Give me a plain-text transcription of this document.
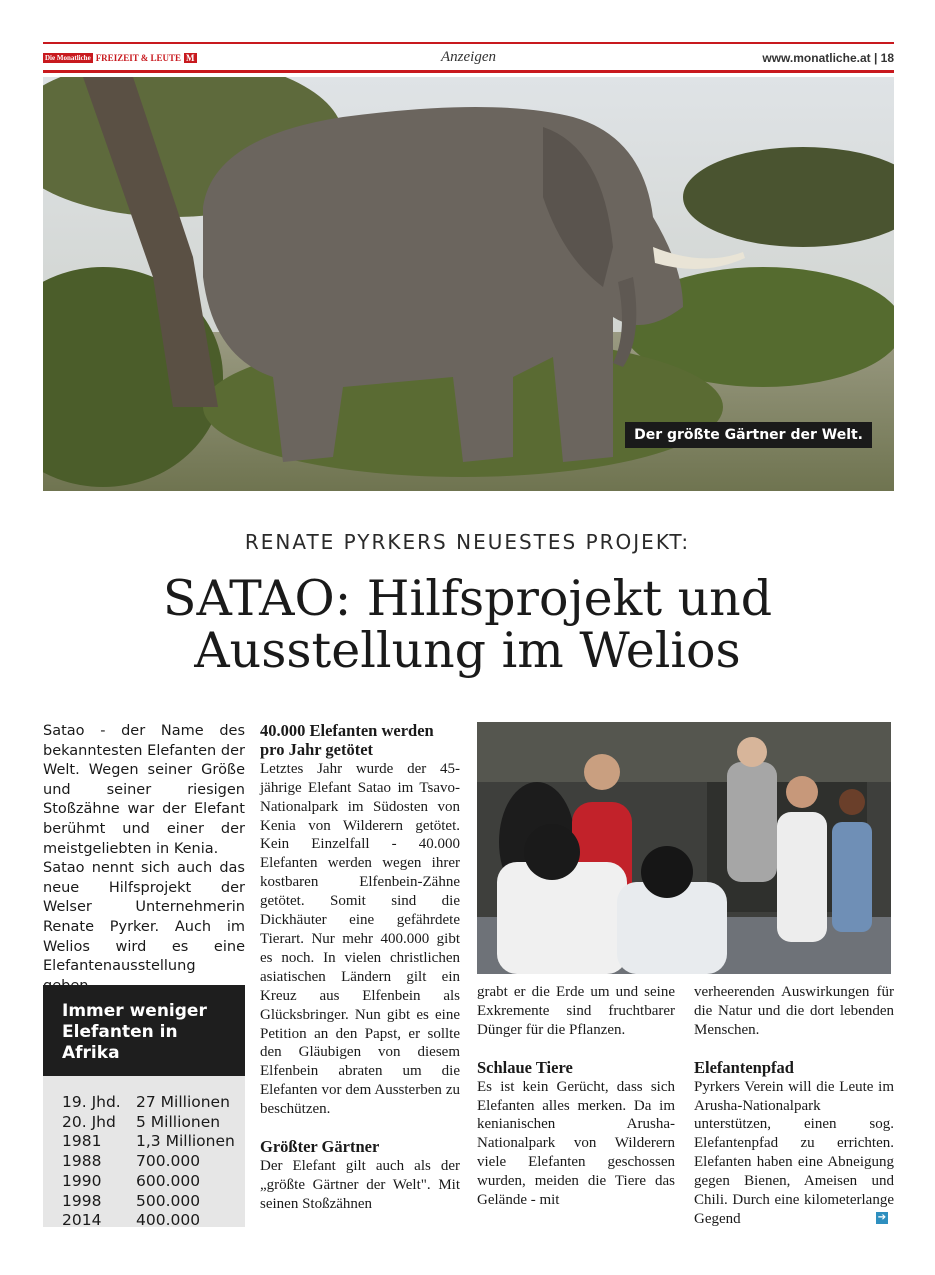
Die Monatliche FREIZEIT & LEUTE M	Anzeigen	www.monatliche.at | 18
Der größte Gärtner der Welt.
RENATE PYRKERS NEUESTES PROJEKT:
SATAO: Hilfsprojekt und
Ausstellung im Welios

Satao - der Name des bekanntesten Elefanten der Welt. Wegen seiner Größe und seiner riesigen Stoßzähne war der Elefant berühmt und einer der meistgeliebten in Kenia.

Satao nennt sich auch das neue Hilfsprojekt der Welser Unternehmerin Renate Pyrker. Auch im Welios wird es eine Elefantenausstellung

Immer weniger
Elefanten in Afrika
19. Jhd.	27 Millionen
20. Jhd	5 Millionen
1981	1,3 Millionen
1988	700.000
1990	600.000
1998	500.000
2014	400.000

40.000 Elefanten werden pro Jahr getötet

Letztes Jahr wurde der 45-jährige Elefant Satao im Tsavo-Nationalpark im Südosten von Kenia von Wilderern getötet. Kein Einzelfall - 40.000 Elefanten werden wegen ihrer kostbaren Elfenbein-Zähne getötet. Somit sind die Dickhäuter eine gefährdete Tierart. Nur mehr 400.000 gibt es noch. In vielen christlichen asiatischen Ländern gilt ein Kreuz aus Elfenbein als Glücksbringer. Nun gibt es eine Petition an den Papst, er sollte den Gläubigen von diesem Elfenbein abraten um die Elefanten vor dem Aussterben zu beschützen.

Größter Gärtner

Der Elefant gilt auch als der „größte Gärtner der Welt". Mit seinen Stoßzähnen

grabt er die Erde um und seine Exkremente sind fruchtbarer Dünger für die Pflanzen.

Schlaue Tiere

Es ist kein Gerücht, dass sich Elefanten alles merken. Da im kenianischen Arusha-Nationalpark von Wilderern viele Elefanten geschossen wurden, meiden die Tiere das Gelände - mit

verheerenden Auswirkungen für die Natur und die dort lebenden Menschen.

Elefantenpfad

Pyrkers Verein will die Leute im Arusha-Nationalpark unterstützen, einen sog. Elefantenpfad zu errichten. Elefanten haben eine Abneigung gegen Bienen, Ameisen und Chili. Durch eine kilometerlange Gegend	➔
